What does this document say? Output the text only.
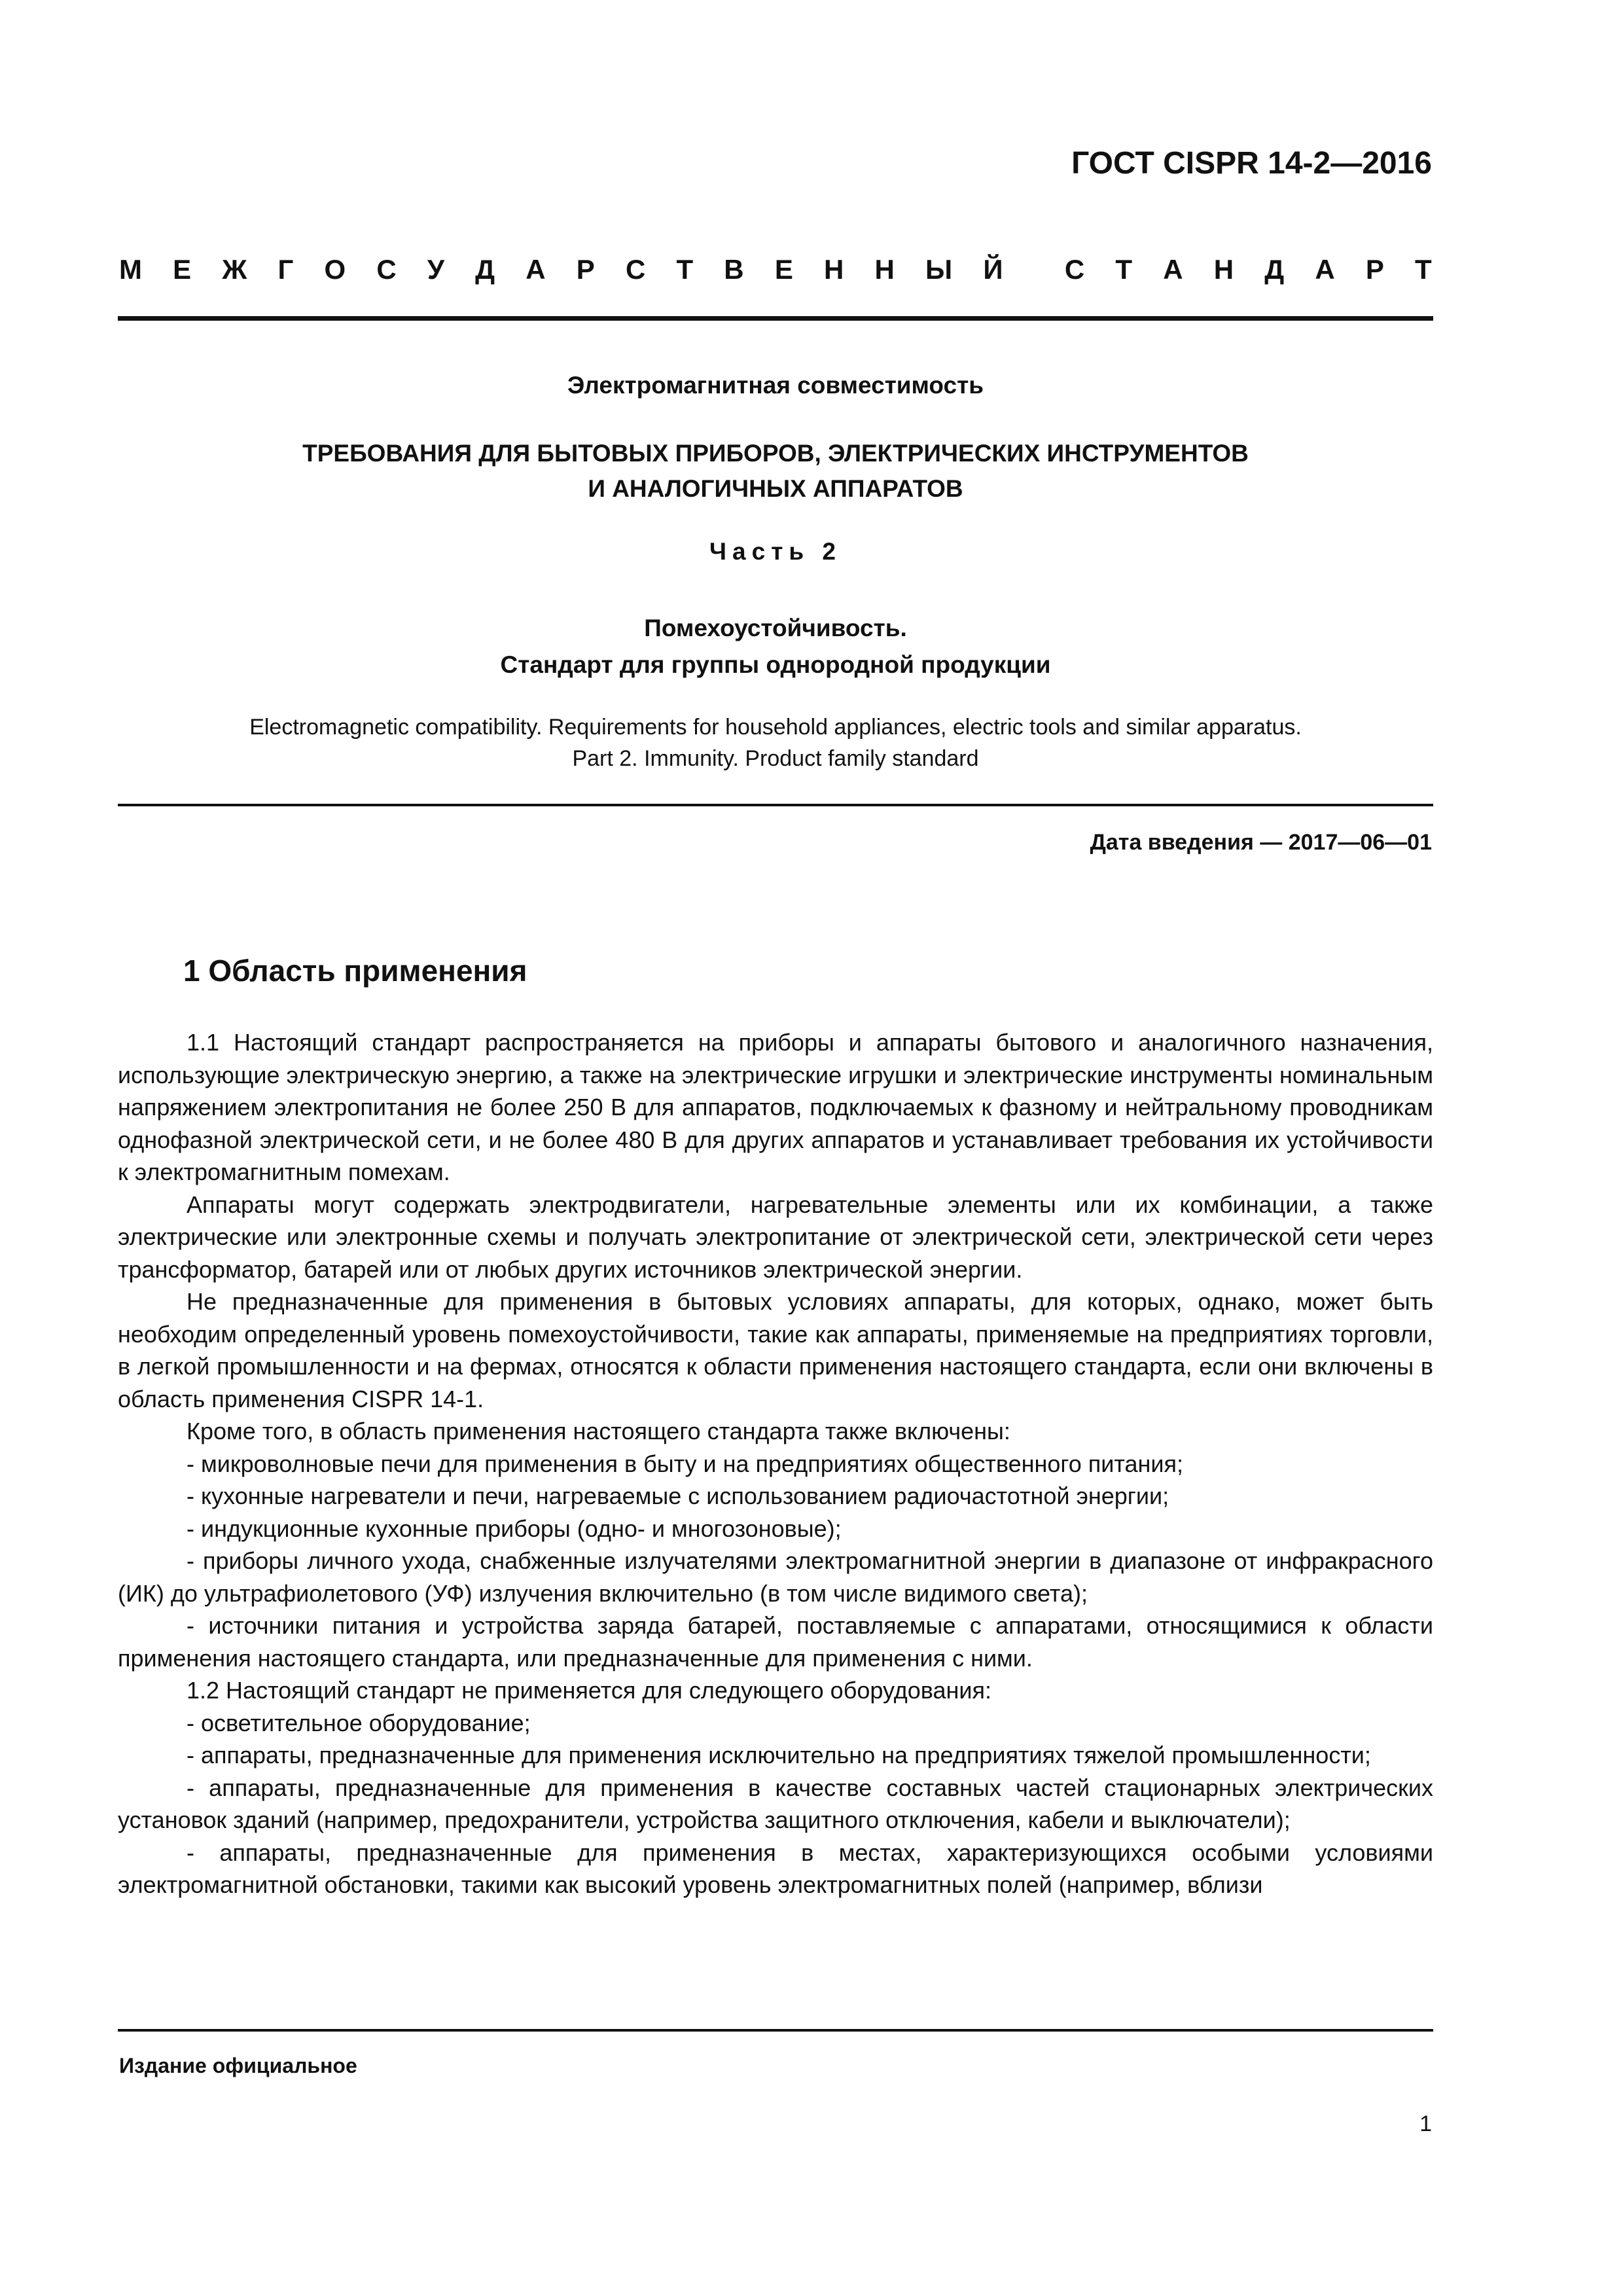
ГОСТ CISPR 14-2—2016
М Е Ж Г О С У Д А Р С Т В Е Н Н Ы Й С Т А Н Д А Р Т
Электромагнитная совместимость
ТРЕБОВАНИЯ ДЛЯ БЫТОВЫХ ПРИБОРОВ, ЭЛЕКТРИЧЕСКИХ ИНСТРУМЕНТОВ
И АНАЛОГИЧНЫХ АППАРАТОВ
Часть 2
Помехоустойчивость.
Стандарт для группы однородной продукции
Electromagnetic compatibility. Requirements for household appliances, electric tools and similar apparatus.
Part 2. Immunity. Product family standard
Дата введения — 2017—06—01
1 Область применения

1.1 Настоящий стандарт распространяется на приборы и аппараты бытового и аналогичного назначения, использующие электрическую энергию, а также на электрические игрушки и электрические инструменты номинальным напряжением электропитания не более 250 В для аппаратов, подключаемых к фазному и нейтральному проводникам однофазной электрической сети, и не более 480 В для других аппаратов и устанавливает требования их устойчивости к электромагнитным помехам.

Аппараты могут содержать электродвигатели, нагревательные элементы или их комбинации, а также электрические или электронные схемы и получать электропитание от электрической сети, электрической сети через трансформатор, батарей или от любых других источников электрической энергии.

Не предназначенные для применения в бытовых условиях аппараты, для которых, однако, может быть необходим определенный уровень помехоустойчивости, такие как аппараты, применяемые на предприятиях торговли, в легкой промышленности и на фермах, относятся к области применения настоящего стандарта, если они включены в область применения CISPR 14-1.

Кроме того, в область применения настоящего стандарта также включены:

- микроволновые печи для применения в быту и на предприятиях общественного питания;

- кухонные нагреватели и печи, нагреваемые с использованием радиочастотной энергии;

- индукционные кухонные приборы (одно- и многозоновые);

- приборы личного ухода, снабженные излучателями электромагнитной энергии в диапазоне от инфракрасного (ИК) до ультрафиолетового (УФ) излучения включительно (в том числе видимого света);

- источники питания и устройства заряда батарей, поставляемые с аппаратами, относящимися к области применения настоящего стандарта, или предназначенные для применения с ними.

1.2 Настоящий стандарт не применяется для следующего оборудования:

- осветительное оборудование;

- аппараты, предназначенные для применения исключительно на предприятиях тяжелой промышленности;

- аппараты, предназначенные для применения в качестве составных частей стационарных электрических установок зданий (например, предохранители, устройства защитного отключения, кабели и выключатели);

- аппараты, предназначенные для применения в местах, характеризующихся особыми условиями электромагнитной обстановки, такими как высокий уровень электромагнитных полей (например, вблизи

Издание официальное
1
